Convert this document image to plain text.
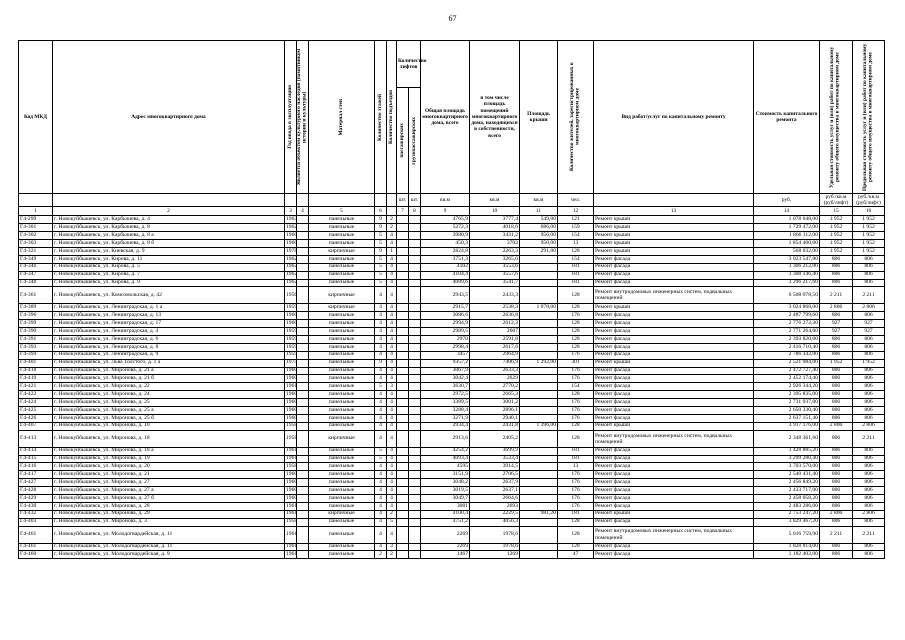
67
Код МКД	Адрес многоквартирного дома	Год ввода в эксплуатацию	Является объектом культурного наследия (памятником истории и культуры)	Материал стен	Количество этажей	Количество подъездов	Количество лифтов		Общая площадь многоквартирного дома, всего	в том числе площадь помещений многоквартирного дома, находящихся в собственности, всего	Площадь крыши	Количество жителей, зарегистрированных в многоквартирном доме	Вид работ/услуг по капитальному ремонту	Стоимость капитального ремонта	Удельная стоимость услуг и (или) работ по капитальному ремонту общего имущества в многоквартирном доме	Предельная стоимость услуг и (или) работ по капитальному ремонту общего имущества в многоквартирном доме

							пассажирских	грузопассажирских								

							шт.	шт.	кв.м	кв.м	кв.м	чел.		руб.	руб./кв.м (руб/лифт)	руб./кв.м (руб/лифт)
1	2	3	4	5	6		7	8	9	10	11	12	13	14	15	16
Г4-299	г. Новокуйбышевск, ул. Карбышева, д. 4	1963		панельные	9	2			4765,9	3777,4	549,00	121	Ремонт крыши	1 078 648,00	1 952	1 952
Г4-301	г. Новокуйбышевск, ул. Карбышева, д. 8	1962		панельные	9	2			5272,3	4018,6	686,00	159	Ремонт крыши	1 729 472,00	1 952	1 952
Г4-302	г. Новокуйбышевск, ул. Карбышева, д. 8 а	1960		панельные	5	4			3980,9	3431,2	956,00	154	Ремонт крыши	1 866 112,00	1 952	1 952
Г4-303	г. Новокуйбышевск, ул. Карбышева, д. 8 б	1960		панельные	5	4			450,3	3702	950,00	13	Ремонт крыши	1 854 400,00	1 952	1 952
Г4-321	г. Новокуйбышевск, ул. Киевская, д. 9	1978		кирпичные	9	1			2824,8	2263,3	291,00	128	Ремонт крыши	568 032,00	1 952	1 952
Г4-349	г. Новокуйбышевск, ул. Кирова, д. 11	1962		панельные	5	4			3751,3	3265,6		154	Ремонт фасада	3 023 547,80	806	806
Г4-346	г. Новокуйбышевск, ул. Кирова, д. 5	1962		панельные	5	4			4102	3553,6		181	Ремонт фасада	3 306 212,00	806	806
Г4-347	г. Новокуйбышевск, ул. Кирова, д. 7	1962		панельные	5	4			4104,4	3557,6		181	Ремонт фасада	3 308 146,40	806	806
Г4-348	г. Новокуйбышевск, ул. Кирова, д. 9	1962		панельные	5	4			4089,6	3541,7		181	Ремонт фасада	3 296 217,60	806	806
Г4-361	г. Новокуйбышевск, ул. Комсомольская, д. 42	1956		кирпичные	4	4			2943,5	2433,3		128	Ремонт внутридомовых инженерных систем, подвальных помещений	6 508 078,50	2 211	2 211
Г4-389	г. Новокуйбышевск, ул. Ленинградская, д. 1 а	1959		кирпичные	4	4			2915,7	2538,3	1 078,00	128	Ремонт крыши	3 024 868,00	2 806	2 806
Г4-396	г. Новокуйбышевск, ул. Ленинградская, д. 13	1960		панельные	4	4			3086,6	2636,8		176	Ремонт фасада	2 487 799,60	806	806
Г4-399	г. Новокуйбышевск, ул. Ленинградская, д. 17	1960		панельные	4	4			2994,9	2612,3		128	Ремонт фасада	2 776 272,30	927	927
Г4-390	г. Новокуйбышевск, ул. Ленинградская, д. 4	1959		панельные	4	4			2989,5	2607		128	Ремонт фасада	2 771 264,60	927	927
Г4-391	г. Новокуйбышевск, ул. Ленинградская, д. 6	1959		панельные	4	4			2970	2591,8		128	Ремонт фасада	2 393 820,00	806	806
Г4-393	г. Новокуйбышевск, ул. Ленинградская, д. 8	1959		панельные	4	4			2998,4	2617,6		128	Ремонт фасада	2 416 710,40	806	806
Г4-394	г. Новокуйбышевск, ул. Ленинградская, д. 9	1959		панельные	4	4			3457	2964,9		176	Ремонт фасада	2 786 342,00	806	806
Г4-401	г. Новокуйбышевск, ул. Льва Толстого, д. 1 а	1975		панельные	9	4			9357,2	7406,9	1 292,00	301	Ремонт крыши	2 521 984,00	1 952	1 952
Г4-418	г. Новокуйбышевск, ул. Миронова, д. 21 а	1960		панельные	4	4			3067,9	2633,3		176	Ремонт фасада	2 472 727,40	806	806
Г4-419	г. Новокуйбышевск, ул. Миронова, д. 21 б	1960		панельные	4	4			3042,4	2629		176	Ремонт фасада	2 452 174,40	806	806
Г4-421	г. Новокуйбышевск, ул. Миронова, д. 22	1961		панельные	5	3			3630,7	2770,2		154	Ремонт фасада	2 926 344,20	806	806
Г4-422	г. Новокуйбышевск, ул. Миронова, д. 24	1960		панельные	4	4			2972,5	2665,3		128	Ремонт фасада	2 395 835,00	806	806
Г4-424	г. Новокуйбышевск, ул. Миронова, д. 25	1960		панельные	4	4			3389,5	3001,2		176	Ремонт фасада	2 731 937,00	806	806
Г4-425	г. Новокуйбышевск, ул. Миронова, д. 25 а	1960		панельные	4	4			3288,4	2896,1		176	Ремонт фасада	2 650 330,40	806	806
Г4-426	г. Новокуйбышевск, ул. Миронова, д. 25 б	1960		панельные	4	4			3271,9	2940,1		176	Ремонт фасада	2 637 151,40	806	806
Г4-407	г. Новокуйбышевск, ул. Миронова, д. 10	1958		панельные	4	4			2934,4	2431,8	1 396,00	128	Ремонт крыши	3 917 176,00	2 806	2 806
Г4-413	г. Новокуйбышевск, ул. Миронова, д. 18	1958		кирпичные	4	4			2913,6	2405,2		128	Ремонт внутридомовых инженерных систем, подвальных помещений	2 348 361,60	806	2 211
Г4-414	г. Новокуйбышевск, ул. Миронова, д. 18 а	1961		панельные	5	4			4254,2	3699,9		181	Ремонт фасада	3 428 885,20	806	806
Г4-415	г. Новокуйбышевск, ул. Миронова, д. 19	1961		панельные	5	4			4093,4	3533,4		181	Ремонт фасада	3 299 280,40	806	806
Г4-416	г. Новокуйбышевск, ул. Миронова, д. 20	1958		панельные	4	4			4595	3914,5		13	Ремонт фасада	3 703 570,00	806	806
Г4-417	г. Новокуйбышевск, ул. Миронова, д. 21	1960		панельные	4	4			3151,9	2706,5		176	Ремонт фасада	2 540 431,40	806	806
Г4-427	г. Новокуйбышевск, ул. Миронова, д. 27	1960		панельные	4	4			3048,2	2637,9		176	Ремонт фасада	2 456 849,20	806	806
Г4-428	г. Новокуйбышевск, ул. Миронова, д. 27 а	1960		панельные	4	4			3019,5	2637,1		176	Ремонт фасада	2 433 717,00	806	806
Г4-429	г. Новокуйбышевск, ул. Миронова, д. 27 б	1960		панельные	4	4			3049,7	2664,6		176	Ремонт фасада	2 458 058,20	806	806
Г4-430	г. Новокуйбышевск, ул. Миронова, д. 28	1961		панельные	4	4			3081	2693		176	Ремонт фасада	2 483 286,00	806	806
Г4-432	г. Новокуйбышевск, ул. Миронова, д. 29	1961		кирпичные	4	2			4100,4	2229,5	981,20	181	Ремонт крыши	2 753 247,20	2 806	2 806
Г4-403	г. Новокуйбышевск, ул. Миронова, д. 3	1958		панельные	4	5			4751,2	4056,3		128	Ремонт фасада	3 829 467,20	806	806
Г4-461	г. Новокуйбышевск, ул. Молодогвардейская, д. 11	1961		панельные	4	4			2269	1978,6		128	Ремонт внутридомовых инженерных систем, подвальных помещений	5 016 759,00	2 211	2 211
Г4-461	г. Новокуйбышевск, ул. Молодогвардейская, д. 11	1961		панельные	4	3			2269	1978,6		128	Ремонт фасада	1 828 814,00	806	806
Г4-460	г. Новокуйбышевск, ул. Молодогвардейская, д. 9	1961		панельные	2	2			1467	1269		47	Ремонт фасада	1 182 402,00	806	806
